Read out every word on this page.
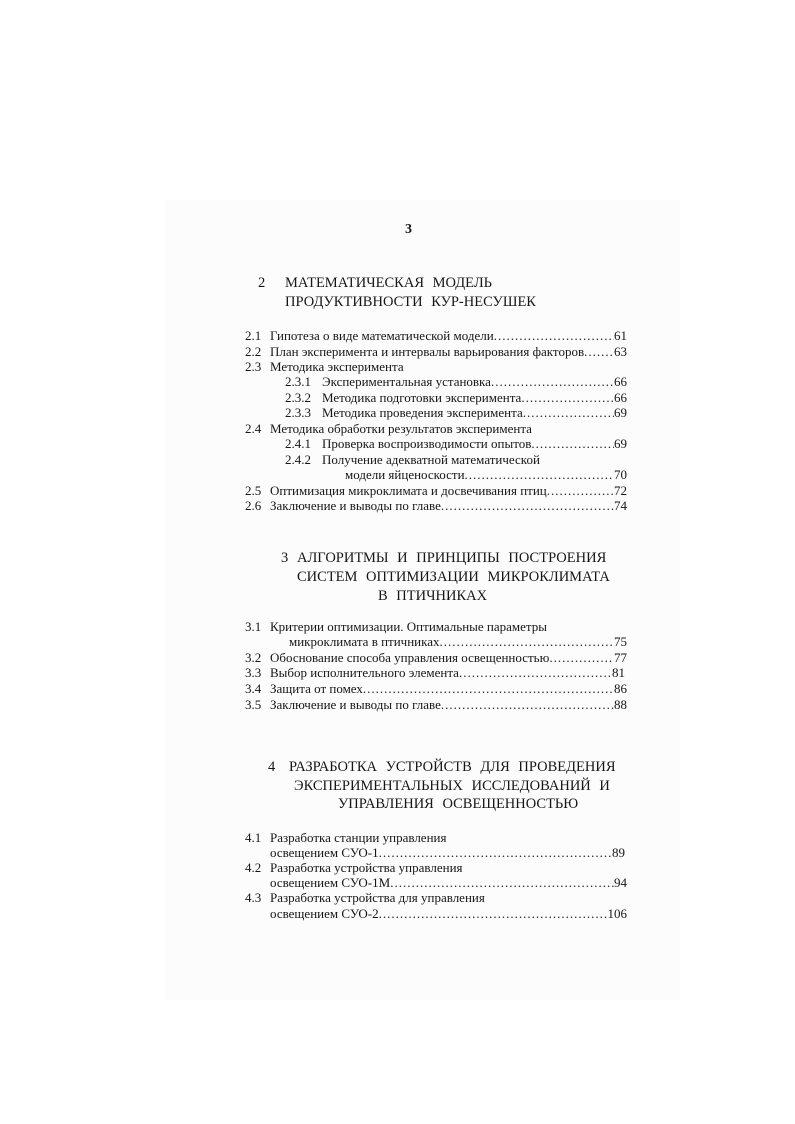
3
2 МАТЕМАТИЧЕСКАЯ МОДЕЛЬ
ПРОДУКТИВНОСТИ КУР-НЕСУШЕК
2.1 Гипотеза о виде математической модели .....	61
2.2 План эксперимента и интервалы варьирования факторов ..... 63
2.3 Методика эксперимента
2.3.1 Экспериментальная установка .....	66
2.3.2 Методика подготовки эксперимента .....	66
2.3.3 Методика проведения эксперимента .....	69
2.4 Методика обработки результатов эксперимента
2.4.1 Проверка воспроизводимости опытов .....	69
2.4.2 Получение адекватной математической
модели яйценоскости .....	70
2.5 Оптимизация микроклимата и досвечивания птиц .....	72
2.6 Заключение и выводы по главе .....	74
3 АЛГОРИТМЫ И ПРИНЦИПЫ ПОСТРОЕНИЯ
СИСТЕМ ОПТИМИЗАЦИИ МИКРОКЛИМАТА
В ПТИЧНИКАХ
3.1 Критерии оптимизации. Оптимальные параметры
микроклимата в птичниках .....	75
3.2 Обоснование способа управления освещенностью .....	77
3.3 Выбор исполнительного элемента .....	81
3.4 Защита от помех .....	86
3.5 Заключение и выводы по главе .....	88
4 РАЗРАБОТКА УСТРОЙСТВ ДЛЯ ПРОВЕДЕНИЯ
ЭКСПЕРИМЕНТАЛЬНЫХ ИССЛЕДОВАНИЙ И
УПРАВЛЕНИЯ ОСВЕЩЕННОСТЬЮ
4.1 Разработка станции управления
освещением СУО-1 .....	89
4.2 Разработка устройства управления
освещением СУО-1М .....	94
4.3 Разработка устройства для управления
освещением СУО-2 .....	106
